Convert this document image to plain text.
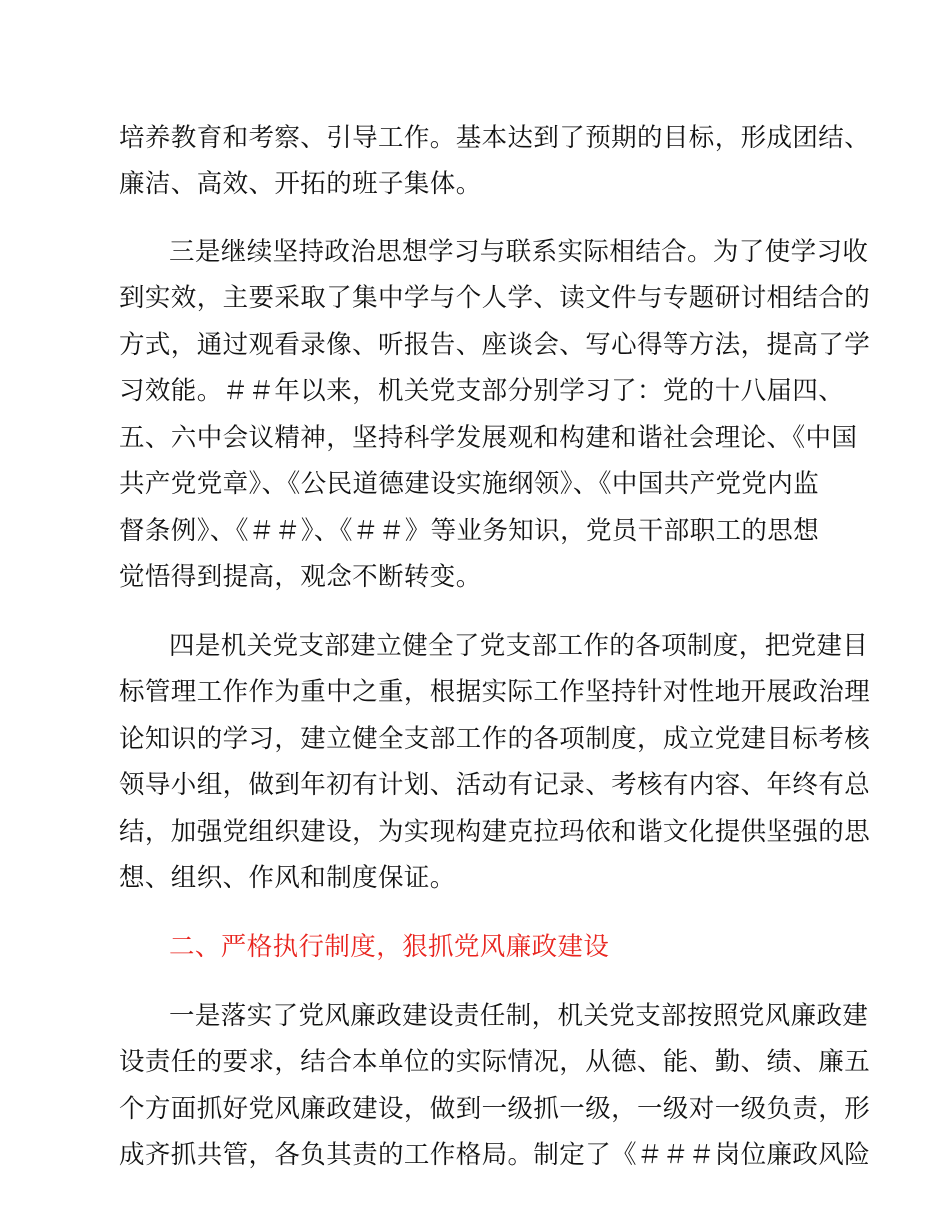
培养教育和考察、引导工作。基本达到了预期的目标，形成团结、

廉洁、高效、开拓的班子集体。

三是继续坚持政治思想学习与联系实际相结合。为了使学习收

到实效，主要采取了集中学与个人学、读文件与专题研讨相结合的

方式，通过观看录像、听报告、座谈会、写心得等方法，提高了学

习效能。＃＃年以来，机关党支部分别学习了：党的十八届四、

五、六中会议精神，坚持科学发展观和构建和谐社会理论、《中国

共产党党章》、《公民道德建设实施纲领》、《中国共产党党内监

督条例》、《＃＃》、《＃＃》等业务知识，党员干部职工的思想

觉悟得到提高，观念不断转变。

四是机关党支部建立健全了党支部工作的各项制度，把党建目

标管理工作作为重中之重，根据实际工作坚持针对性地开展政治理

论知识的学习，建立健全支部工作的各项制度，成立党建目标考核

领导小组，做到年初有计划、活动有记录、考核有内容、年终有总

结，加强党组织建设，为实现构建克拉玛依和谐文化提供坚强的思

想、组织、作风和制度保证。

二、严格执行制度，狠抓党风廉政建设

一是落实了党风廉政建设责任制，机关党支部按照党风廉政建

设责任的要求，结合本单位的实际情况，从德、能、勤、绩、廉五

个方面抓好党风廉政建设，做到一级抓一级，一级对一级负责，形

成齐抓共管，各负其责的工作格局。制定了《＃＃＃岗位廉政风险
